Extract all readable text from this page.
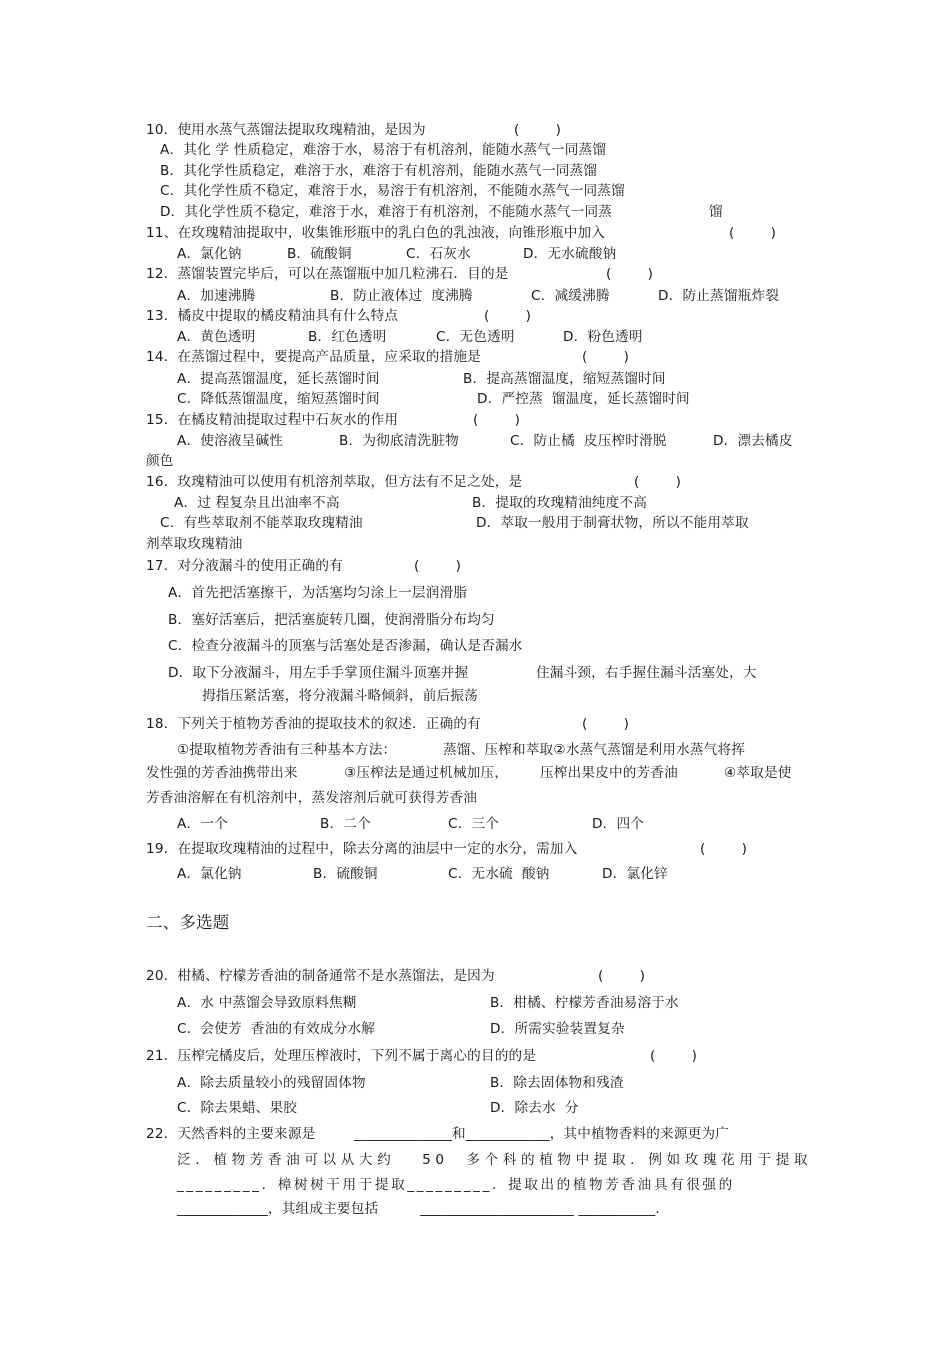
10．使用水蒸气蒸馏法提取玫瑰精油，是因为	(        )
A．其化 学 性质稳定，难溶于水，易溶于有机溶剂，能随水蒸气一同蒸馏
B．其化学性质稳定，难溶于水，难溶于有机溶剂，能随水蒸气一同蒸馏
C．其化学性质不稳定，难溶于水，易溶于有机溶剂，不能随水蒸气一同蒸馏
D．其化学性质不稳定，难溶于水，难溶于有机溶剂，不能随水蒸气一同蒸	馏
11、在玫瑰精油提取中，收集锥形瓶中的乳白色的乳浊液，向锥形瓶中加入	(        )
A．氯化钠	B．硫酸铜	C．石灰水	D．无水硫酸钠
12．蒸馏装置完毕后，可以在蒸馏瓶中加几粒沸石．目的是	(        )
A．加速沸腾	B．防止液体过  度沸腾	C．减缓沸腾	D．防止蒸馏瓶炸裂
13．橘皮中提取的橘皮精油具有什么特点	(        )
A．黄色透明	B．红色透明	C．无色透明	D．粉色透明
14．在蒸馏过程中，要提高产品质量，应采取的措施是	(        )
A．提高蒸馏温度，延长蒸馏时间	B．提高蒸馏温度，缩短蒸馏时间
C．降低蒸馏温度，缩短蒸馏时间	D．严控蒸  馏温度，延长蒸馏时间
15．在橘皮精油提取过程中石灰水的作用	(        )
A．使溶液呈碱性	B．为彻底清洗脏物	C．防止橘  皮压榨时滑脱	D．漂去橘皮
颜色
16．玫瑰精油可以使用有机溶剂萃取，但方法有不足之处，是	(        )
A．过 程复杂且出油率不高	B．提取的玫瑰精油纯度不高
C．有些萃取剂不能萃取玫瑰精油	D．萃取一般用于制膏状物，所以不能用萃取
剂萃取玫瑰精油
17．对分液漏斗的使用正确的有	(        )
A．首先把活塞擦干，为活塞均匀涂上一层润滑脂
B．塞好活塞后，把活塞旋转几圈，使润滑脂分布均匀
C．检查分液漏斗的顶塞与活塞处是否渗漏，确认是否漏水
D．取下分液漏斗，用左手手掌顶住漏斗顶塞并握	住漏斗颈，右手握住漏斗活塞处，大
拇指压紧活塞，将分液漏斗略倾斜，前后振荡
18．下列关于植物芳香油的提取技术的叙述．正确的有	(        )
①提取植物芳香油有三种基本方法：	蒸馏、压榨和萃取②水蒸气蒸馏是利用水蒸气将挥
发性强的芳香油携带出来	③压榨法是通过机械加压， 压榨出果皮中的芳香油	④萃取是使
芳香油溶解在有机溶剂中，蒸发溶剂后就可获得芳香油
A．一个	B．二个	C．三个	D．四个
19．在提取玫瑰精油的过程中，除去分离的油层中一定的水分，需加入	(        )
A．氯化钠	B．硫酸铜	C．无水硫  酸钠	D．氯化锌
二、多选题
20．柑橘、柠檬芳香油的制备通常不是水蒸馏法，是因为	(        )
A．水 中蒸馏会导致原料焦糊	B．柑橘、柠檬芳香油易溶于水
C．会使芳  香油的有效成分水解	D．所需实验装置复杂
21．压榨完橘皮后，处理压榨液时，下列不属于离心的目的的是	(        )
A．除去质量较小的残留固体物	B．除去固体物和残渣
C．除去果蜡、果胶	D．除去水  分
22．天然香料的主要来源是	______________和____________，其中植物香料的来源更为广
泛．植物芳香油可以从大约   50  多个科的植物中提取．例如玫瑰花用于提取
_________．樟树树干用于提取_________．提取出的植物芳香油具有很强的
_____________，其组成主要包括	______________________ ___________.
